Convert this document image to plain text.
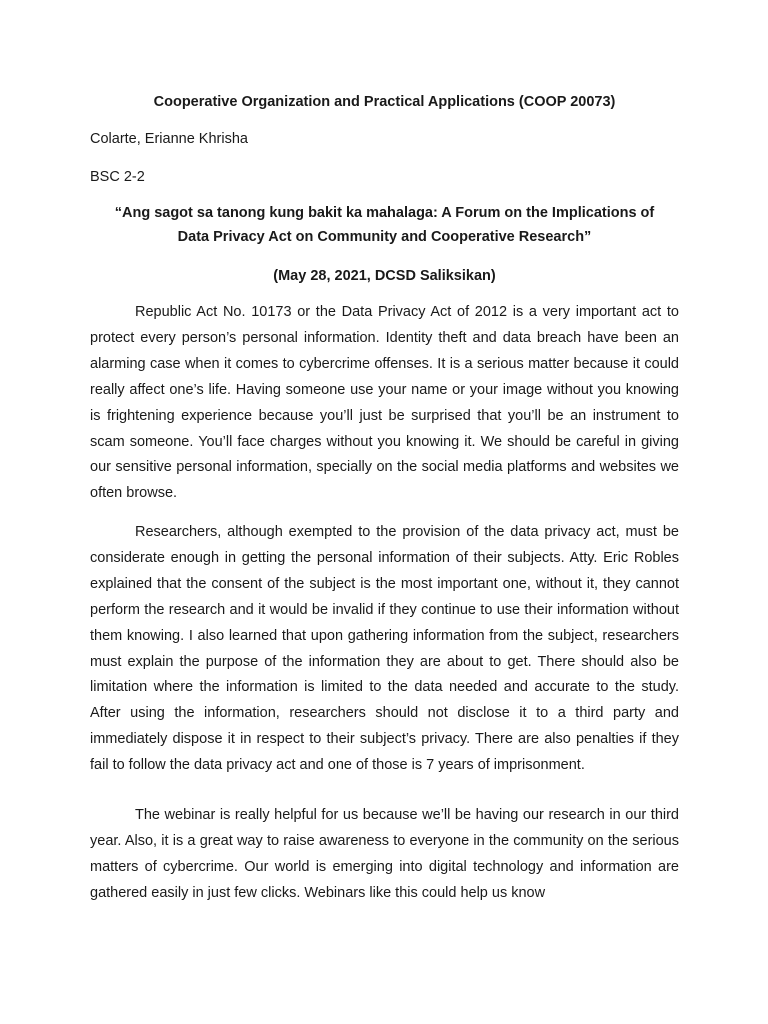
Cooperative Organization and Practical Applications (COOP 20073)

Colarte, Erianne Khrisha

BSC 2-2

“Ang sagot sa tanong kung bakit ka mahalaga: A Forum on the Implications of
Data Privacy Act on Community and Cooperative Research”

(May 28, 2021, DCSD Saliksikan)

Republic Act No. 10173 or the Data Privacy Act of 2012 is a very important act to protect every person’s personal information. Identity theft and data breach have been an alarming case when it comes to cybercrime offenses. It is a serious matter because it could really affect one’s life. Having someone use your name or your image without you knowing is frightening experience because you’ll just be surprised that you’ll be an instrument to scam someone. You’ll face charges without you knowing it. We should be careful in giving our sensitive personal information, specially on the social media platforms and websites we often browse.

Researchers, although exempted to the provision of the data privacy act, must be considerate enough in getting the personal information of their subjects. Atty. Eric Robles explained that the consent of the subject is the most important one, without it, they cannot perform the research and it would be invalid if they continue to use their information without them knowing. I also learned that upon gathering information from the subject, researchers must explain the purpose of the information they are about to get. There should also be limitation where the information is limited to the data needed and accurate to the study. After using the information, researchers should not disclose it to a third party and immediately dispose it in respect to their subject’s privacy. There are also penalties if they fail to follow the data privacy act and one of those is 7 years of imprisonment.

The webinar is really helpful for us because we’ll be having our research in our third year. Also, it is a great way to raise awareness to everyone in the community on the serious matters of cybercrime. Our world is emerging into digital technology and information are gathered easily in just few clicks. Webinars like this could help us know
